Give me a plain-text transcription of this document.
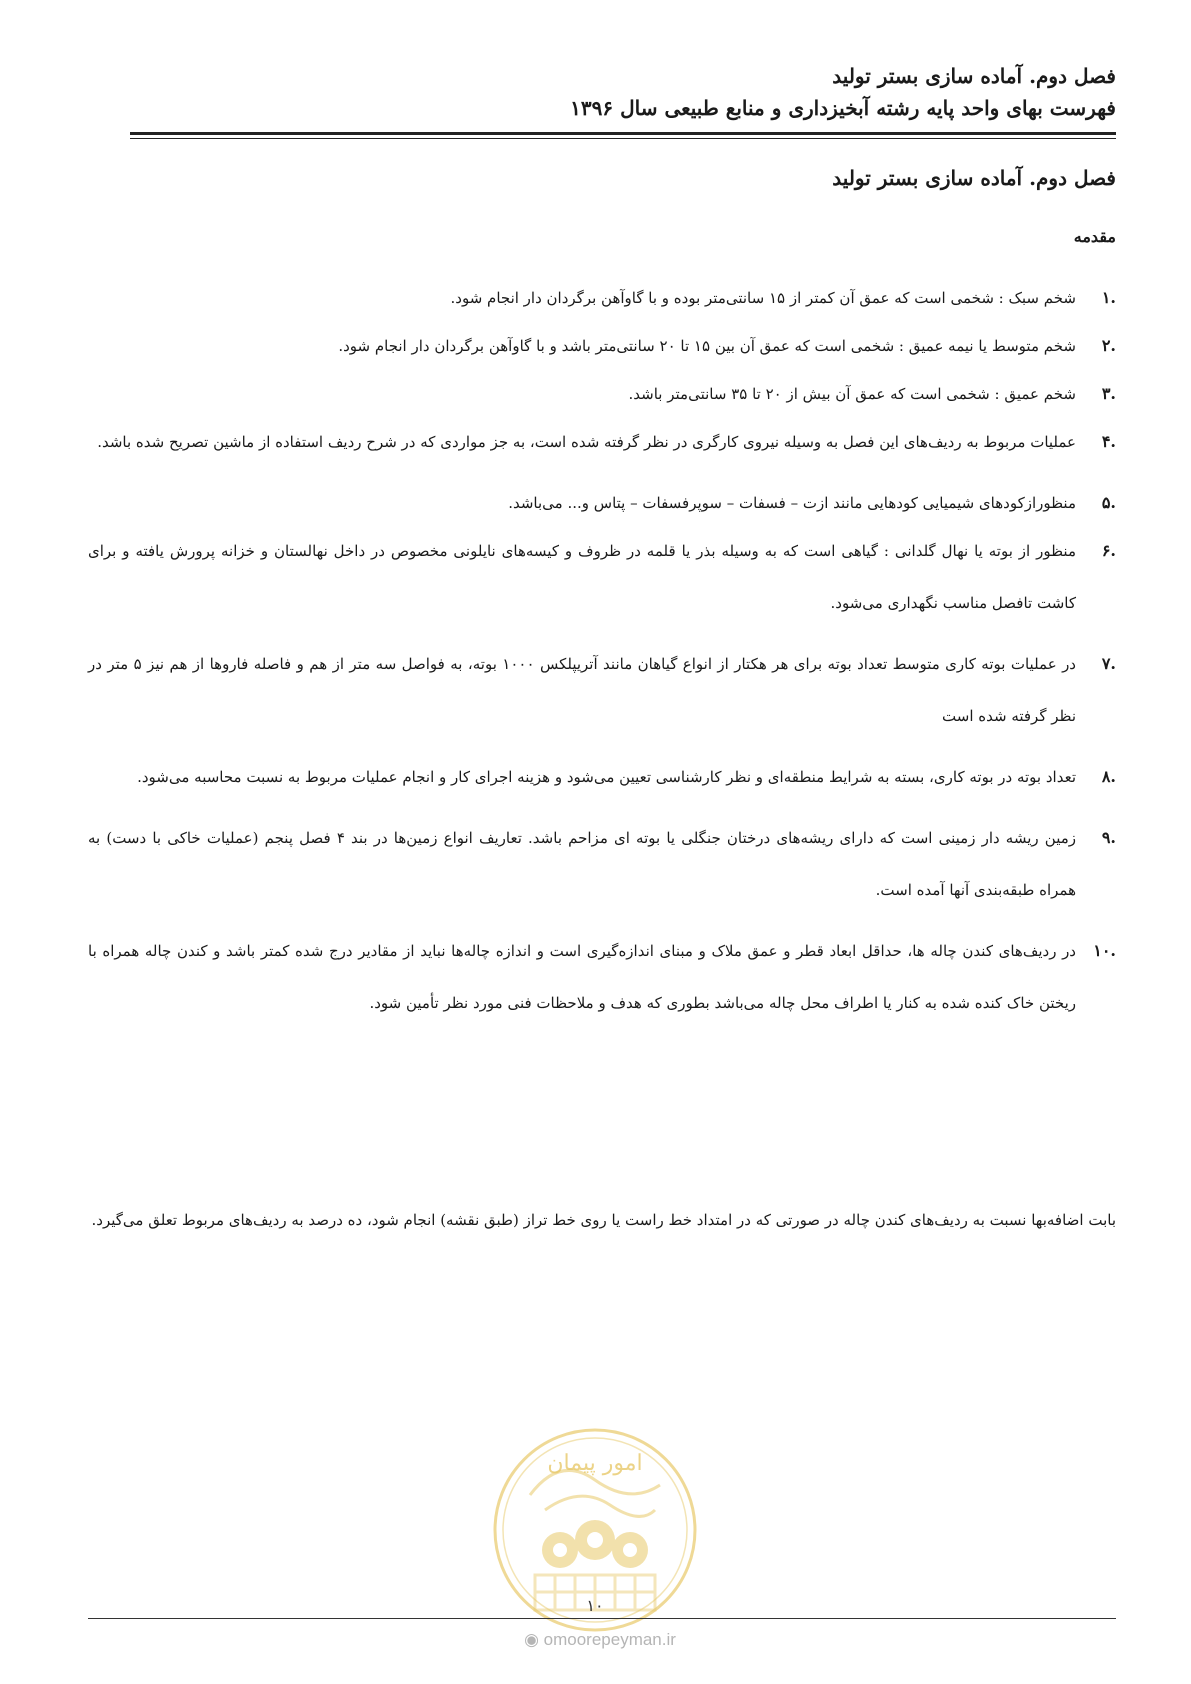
فصل دوم. آماده سازی بستر تولید
فهرست بهای واحد پایه رشته آبخیزداری و منابع طبیعی سال ۱۳۹۶
فصل دوم. آماده سازی بستر تولید
مقدمه
.۱
شخم سبک : شخمی است که عمق آن کمتر از ۱۵ سانتی‌متر بوده و با گاوآهن برگردان دار انجام شود.
.۲
شخم متوسط یا نیمه عمیق : شخمی است که عمق آن بین ۱۵ تا ۲۰ سانتی‌متر باشد و با گاوآهن برگردان دار انجام شود.
.۳
شخم عمیق : شخمی است که عمق آن بیش از ۲۰ تا ۳۵ سانتی‌متر باشد.
.۴
عملیات مربوط به ردیف‌های این فصل به وسیله نیروی کارگری در نظر گرفته شده است، به جز مواردی که در شرح ردیف استفاده از ماشین تصریح شده باشد.
.۵
منظورازکودهای شیمیایی کودهایی مانند ازت – فسفات – سوپرفسفات – پتاس و... می‌باشد.
.۶
منظور از بوته یا نهال گلدانی : گیاهی است که به وسیله بذر یا قلمه در ظروف و کیسه‌های نایلونی مخصوص در داخل نهالستان و خزانه پرورش یافته و برای کاشت تافصل مناسب نگهداری می‌شود.
.۷
در عملیات بوته کاری متوسط تعداد بوته برای هر هکتار از انواع گیاهان مانند آتریپلکس ۱۰۰۰ بوته، به فواصل سه متر از هم و فاصله فاروها از هم نیز ۵ متر در نظر گرفته شده است
.۸
تعداد بوته در بوته کاری، بسته به شرایط منطقه‌ای و نظر کارشناسی تعیین می‌شود و هزینه اجرای کار و انجام عملیات مربوط به نسبت محاسبه می‌شود.
.۹
زمین ریشه دار زمینی است که دارای ریشه‌های درختان جنگلی یا بوته ای مزاحم باشد. تعاریف انواع زمین‌ها در بند ۴ فصل پنجم (عملیات خاکی با دست) به همراه طبقه‌بندی آنها آمده است.
.۱۰
در ردیف‌های کندن چاله ها، حداقل ابعاد قطر و عمق ملاک و مبنای اندازه‌گیری است و اندازه چاله‌ها نباید از مقادیر درج شده کمتر باشد و کندن چاله همراه با ریختن خاک کنده شده به کنار یا اطراف محل چاله می‌باشد بطوری که هدف و ملاحظات فنی مورد نظر تأمین شود.
بابت اضافه‌بها نسبت به ردیف‌های کندن چاله در صورتی که در امتداد خط راست یا روی خط تراز (طبق نقشه) انجام شود، ده درصد به ردیف‌های مربوط تعلق می‌گیرد.
امور پیمان
۱۰
◉ omoorepeyman.ir
